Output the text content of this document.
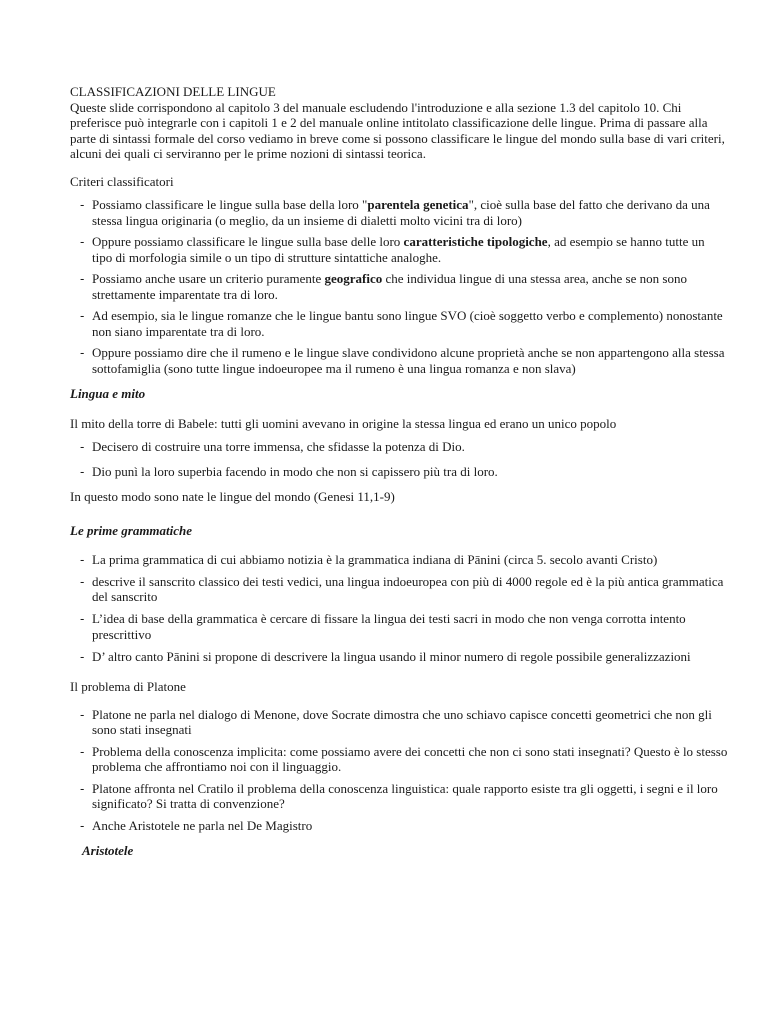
CLASSIFICAZIONI DELLE LINGUE
Queste slide corrispondono al capitolo 3 del manuale escludendo l'introduzione e alla sezione 1.3 del capitolo 10. Chi preferisce può integrarle con i capitoli 1 e 2 del manuale online intitolato classificazione delle lingue. Prima di passare alla parte di sintassi formale del corso vediamo in breve come si possono classificare le lingue del mondo sulla base di vari criteri, alcuni dei quali ci serviranno per le prime nozioni di sintassi teorica.
Criteri classificatori
- Possiamo classificare le lingue sulla base della loro "parentela genetica", cioè sulla base del fatto che derivano da una stessa lingua originaria (o meglio, da un insieme di dialetti molto vicini tra di loro)
- Oppure possiamo classificare le lingue sulla base delle loro caratteristiche tipologiche, ad esempio se hanno tutte un tipo di morfologia simile o un tipo di strutture sintattiche analoghe.
- Possiamo anche usare un criterio puramente geografico che individua lingue di una stessa area, anche se non sono strettamente imparentate tra di loro.
- Ad esempio, sia le lingue romanze che le lingue bantu sono lingue SVO (cioè soggetto verbo e complemento) nonostante non siano imparentate tra di loro.
- Oppure possiamo dire che il rumeno e le lingue slave condividono alcune proprietà anche se non appartengono alla stessa sottofamiglia (sono tutte lingue indoeuropee ma il rumeno è una lingua romanza e non slava)
Lingua e mito
Il mito della torre di Babele: tutti gli uomini avevano in origine la stessa lingua ed erano un unico popolo
- Decisero di costruire una torre immensa, che sfidasse la potenza di Dio.
- Dio punì la loro superbia facendo in modo che non si capissero più tra di loro.
In questo modo sono nate le lingue del mondo (Genesi 11,1-9)
Le prime grammatiche
- La prima grammatica di cui abbiamo notizia è la grammatica indiana di Pānini (circa 5. secolo avanti Cristo)
- descrive il sanscrito classico dei testi vedici, una lingua indoeuropea con più di 4000 regole ed è la più antica grammatica del sanscrito
- L’idea di base della grammatica è cercare di fissare la lingua dei testi sacri in modo che non venga corrotta intento prescrittivo
- D’ altro canto Pānini si propone di descrivere la lingua usando il minor numero di regole possibile generalizzazioni
Il problema di Platone
- Platone ne parla nel dialogo di Menone, dove Socrate dimostra che uno schiavo capisce concetti geometrici che non gli sono stati insegnati
- Problema della conoscenza implicita: come possiamo avere dei concetti che non ci sono stati insegnati? Questo è lo stesso problema che affrontiamo noi con il linguaggio.
- Platone affronta nel Cratilo il problema della conoscenza linguistica: quale rapporto esiste tra gli oggetti, i segni e il loro significato? Si tratta di convenzione?
- Anche Aristotele ne parla nel De Magistro
Aristotele
